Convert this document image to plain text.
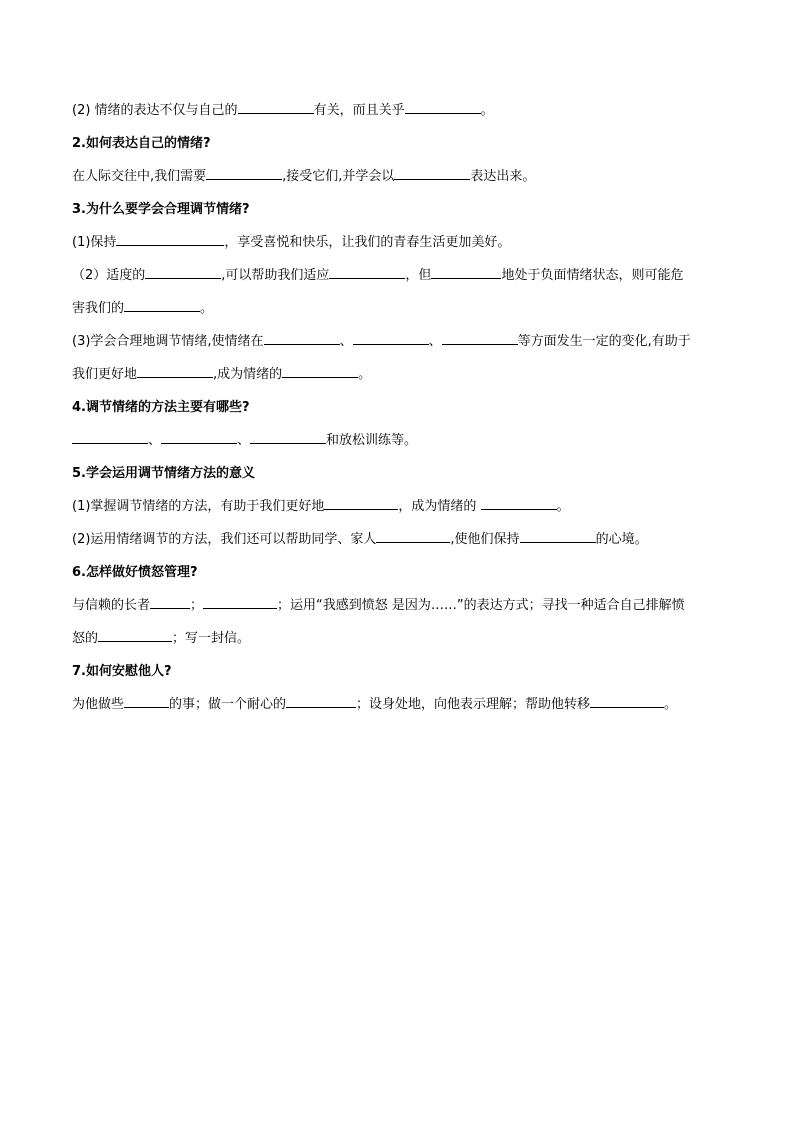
(2) 情绪的表达不仅与自己的	有关，而且关乎	。

2.如何表达自己的情绪?

在人际交往中,我们需要	,接受它们,并学会以	表达出来。

3.为什么要学会合理调节情绪?

(1)保持	，享受喜悦和快乐，让我们的青春生活更加美好。

（2）适度的	,可以帮助我们适应	，但	地处于负面情绪状态，则可能危

害我们的	。

(3)学会合理地调节情绪,使情绪在	、	、	等方面发生一定的变化,有助于

我们更好地	,成为情绪的	。

4.调节情绪的方法主要有哪些?

、	、	和放松训练等。

5.学会运用调节情绪方法的意义

(1)掌握调节情绪的方法，有助于我们更好地	，成为情绪的	。

(2)运用情绪调节的方法，我们还可以帮助同学、家人	,使他们保持	的心境。

6.怎样做好愤怒管理?

与信赖的长者	；	；运用“我感到愤怒 是因为……”的表达方式；寻找一种适合自己排解愤

怒的	；写一封信。

7.如何安慰他人?

为他做些	的事；做一个耐心的	；设身处地，向他表示理解；帮助他转移	。
